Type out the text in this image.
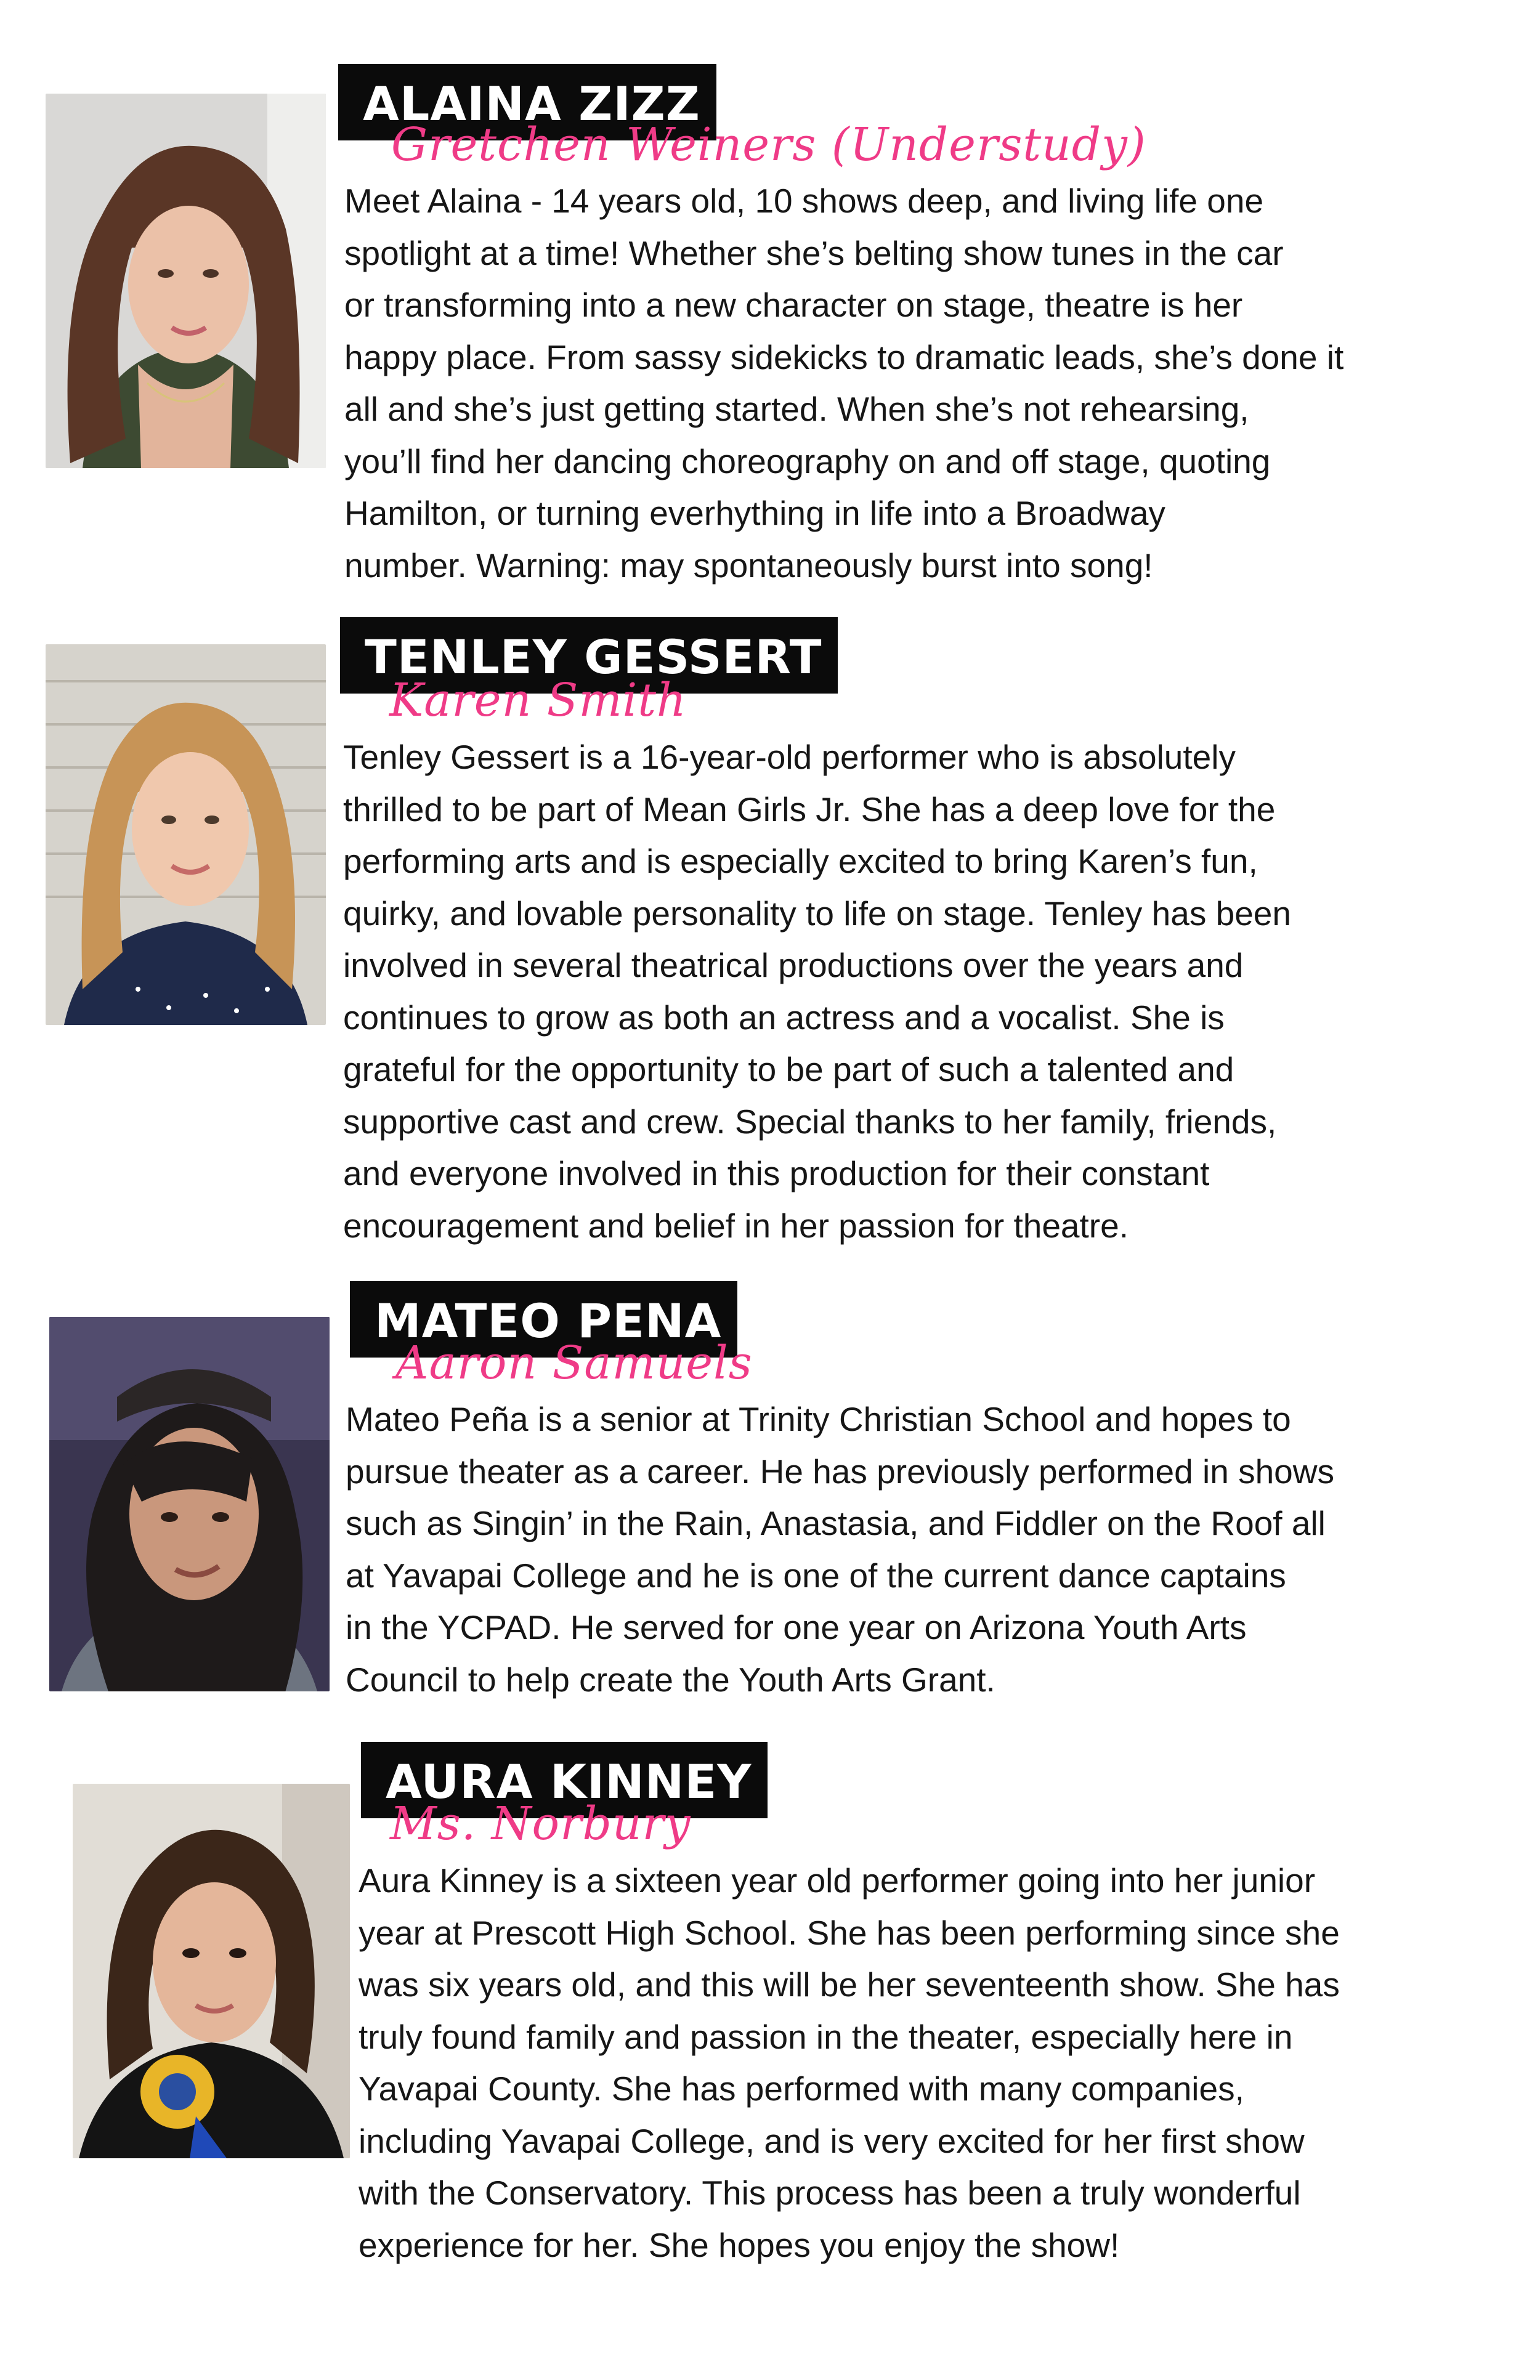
ALAINA ZIZZ
Gretchen Weiners (Understudy)

Meet Alaina - 14 years old, 10 shows deep, and living life one
spotlight at a time! Whether she’s belting show tunes in the car
or transforming into a new character on stage, theatre is her
happy place. From sassy sidekicks to dramatic leads, she’s done it
all and she’s just getting started. When she’s not rehearsing,
you’ll find her dancing choreography on and off stage, quoting
Hamilton, or turning everhything in life into a Broadway
number. Warning: may spontaneously burst into song!

TENLEY GESSERT
Karen Smith

Tenley Gessert is a 16-year-old performer who is absolutely
thrilled to be part of Mean Girls Jr. She has a deep love for the
performing arts and is especially excited to bring Karen’s fun,
quirky, and lovable personality to life on stage. Tenley has been
involved in several theatrical productions over the years and
continues to grow as both an actress and a vocalist. She is
grateful for the opportunity to be part of such a talented and
supportive cast and crew. Special thanks to her family, friends,
and everyone involved in this production for their constant
encouragement and belief in her passion for theatre.

MATEO PENA
Aaron Samuels

Mateo Peña is a senior at Trinity Christian School and hopes to
pursue theater as a career. He has previously performed in shows
such as Singin’ in the Rain, Anastasia, and Fiddler on the Roof all
at Yavapai College and he is one of the current dance captains
in the YCPAD. He served for one year on Arizona Youth Arts
Council to help create the Youth Arts Grant.

AURA KINNEY
Ms. Norbury

Aura Kinney is a sixteen year old performer going into her junior
year at Prescott High School. She has been performing since she
was six years old, and this will be her seventeenth show. She has
truly found family and passion in the theater, especially here in
Yavapai County. She has performed with many companies,
including Yavapai College, and is very excited for her first show
with the Conservatory. This process has been a truly wonderful
experience for her. She hopes you enjoy the show!
